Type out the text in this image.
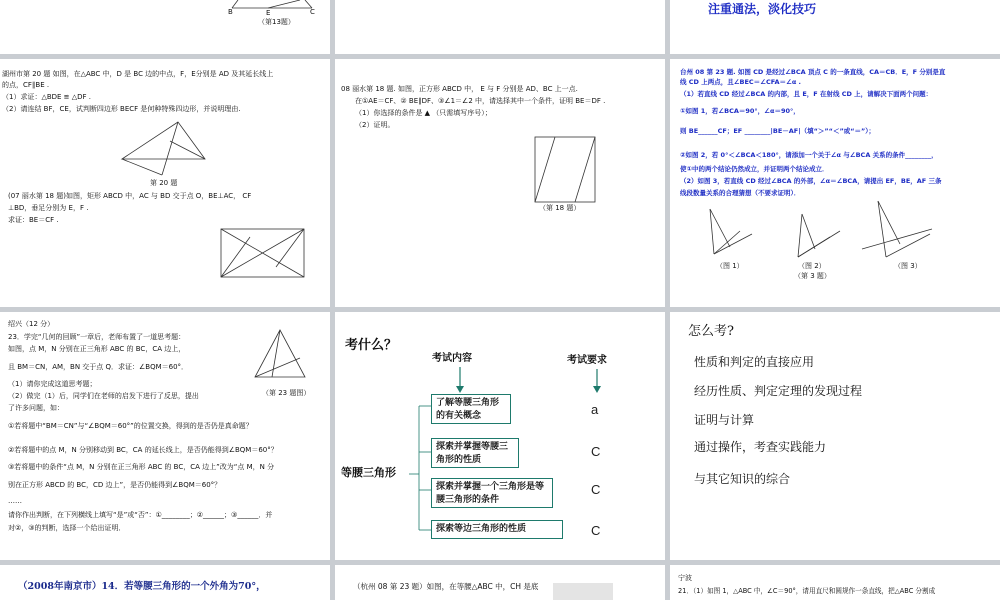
B	E	C
（第13题）
注重通法，淡化技巧
湖州市第 20 题 如图，在△ABC 中，D 是 BC 边的中点，F，E分别是 AD 及其延长线上
的点，CF∥BE .
（1）求证：△BDE ≌ △DF .
（2）请连结 BF，CE，试判断四边形 BECF 是何种特殊四边形，并说明理由.
第 20 题
(07 丽水第 18 题)如图，矩形 ABCD 中，AC 与 BD 交于点 O，BE⊥AC， CF
⊥BD，垂足分别为 E，F .
求证：BE＝CF .
08 丽水第 18 题. 如图，正方形 ABCD 中， E 与 F 分别是 AD、BC 上一点.
在①AE＝CF、② BE∥DF、③∠1＝∠2 中，请选择其中一个条件，证明 BE＝DF .
（1）你选择的条件是 ▲ （只需填写序号）；
（2）证明。
（第 18 题）
台州 08 第 23 题. 如图 CD 是经过∠BCA 顶点 C 的一条直线，CA＝CB．E，F 分别是直
线 CD 上两点，且∠BEC＝∠CFA＝∠α .
（1）若直线 CD 经过∠BCA 的内部，且 E，F 在射线 CD 上，请解决下面两个问题：
①如图 1，若∠BCA＝90°，∠α＝90°，
则 BE______CF；EF ________|BE－AF|（填“＞”“＜”或“＝”）；
②如图 2，若 0°＜∠BCA＜180°，请添加一个关于∠α 与∠BCA 关系的条件________，
使①中的两个结论仍然成立，并证明两个结论成立．
（2）如图 3，若直线 CD 经过∠BCA 的外部，∠α＝∠BCA，请提出 EF，BE，AF 三条
线段数量关系的合理猜想（不要求证明）．
（图 1）	（图 2）	（图 3）
（第 3 题）
绍兴（12 分）
23．学完“几何的回顾”一章后，老师布置了一道思考题：
如图，点 M，N 分别在正三角形 ABC 的 BC，CA 边上，
且 BM＝CN，AM，BN 交于点 Q．求证：∠BQM＝60°．
（1）请你完成这道思考题；
（2）做完（1）后，同学们在老师的启发下进行了反思，提出
了许多问题，如：
①若将题中“BM＝CN”与“∠BQM＝60°”的位置交换，得到的是否仍是真命题？
②若将题中的点 M，N 分别移动到 BC，CA 的延长线上，是否仍能得到∠BQM＝60°？
③若将题中的条件“点 M，N 分别在正三角形 ABC 的 BC，CA 边上”改为“点 M，N 分
别在正方形 ABCD 的 BC，CD 边上”，是否仍能得到∠BQM＝60°？
……
请你作出判断，在下列横线上填写“是”或“否”：①________；②______；③______．并
对②，③的判断，选择一个给出证明．
（第 23 题图）
考什么？
考试内容	考试要求
等腰三角形
了解等腰三角形的有关概念
探索并掌握等腰三角形的性质
探索并掌握一个三角形是等腰三角形的条件
探索等边三角形的性质
a
C
C
C
怎么考?
性质和判定的直接应用
经历性质、判定定理的发现过程
证明与计算
通过操作，考查实践能力
与其它知识的综合
（2008年南京市）14．若等腰三角形的一个外角为70°，	（杭州 08 第 23 题）如图，在等腰△ABC 中，CH 是底
宁波
21．（1）如图 1，△ABC 中，∠C＝90°，请用直尺和圆规作一条直线，把△ABC 分割成
